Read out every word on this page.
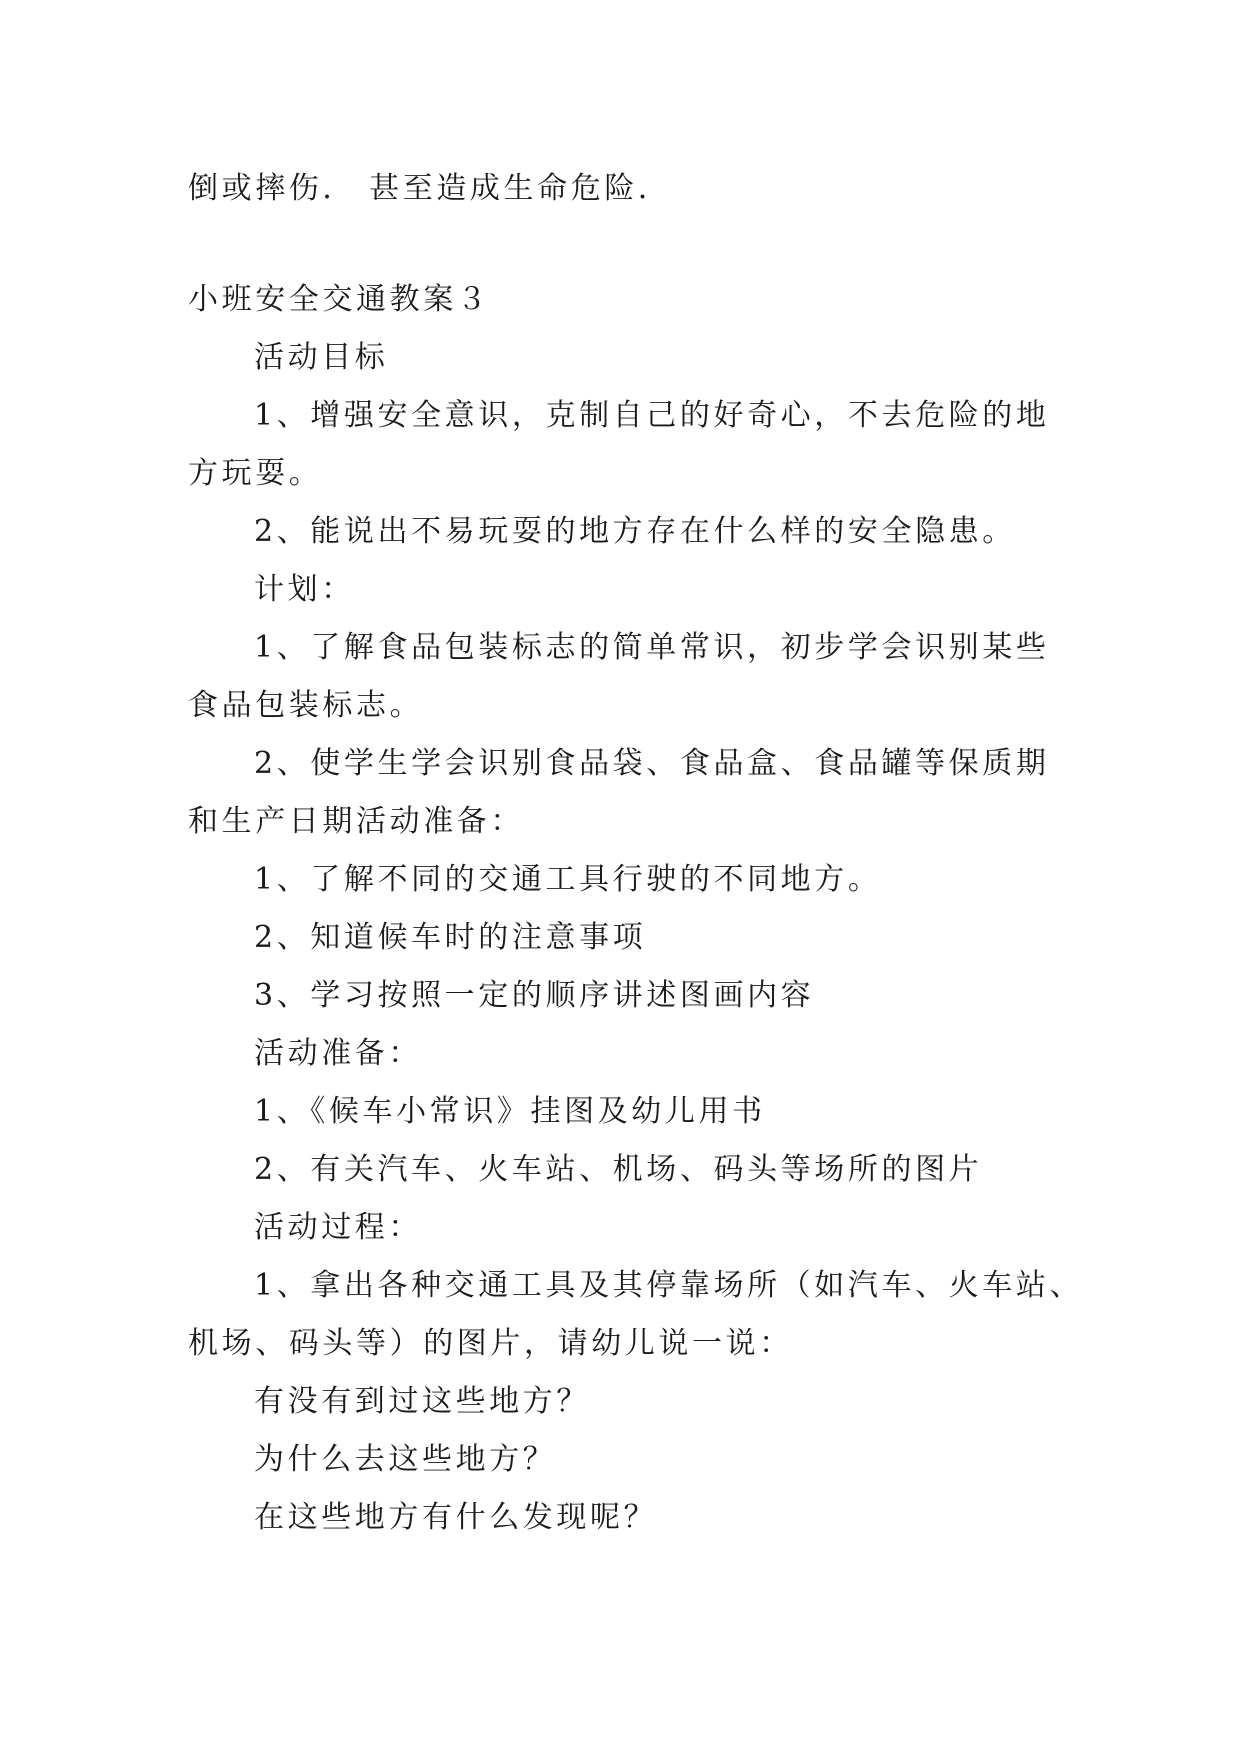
倒或摔伤． 甚至造成生命危险．

小班安全交通教案３

活动目标

1、增强安全意识，克制自己的好奇心，不去危险的地

方玩耍。

2、能说出不易玩耍的地方存在什么样的安全隐患。

计划：

1、了解食品包装标志的简单常识，初步学会识别某些

食品包装标志。

2、使学生学会识别食品袋、食品盒、食品罐等保质期

和生产日期活动准备：

1、了解不同的交通工具行驶的不同地方。

2、知道候车时的注意事项

3、学习按照一定的顺序讲述图画内容

活动准备：

1、《候车小常识》挂图及幼儿用书

2、有关汽车、火车站、机场、码头等场所的图片

活动过程：

1、拿出各种交通工具及其停靠场所（如汽车、火车站、

机场、码头等）的图片，请幼儿说一说：

有没有到过这些地方？

为什么去这些地方？

在这些地方有什么发现呢？
